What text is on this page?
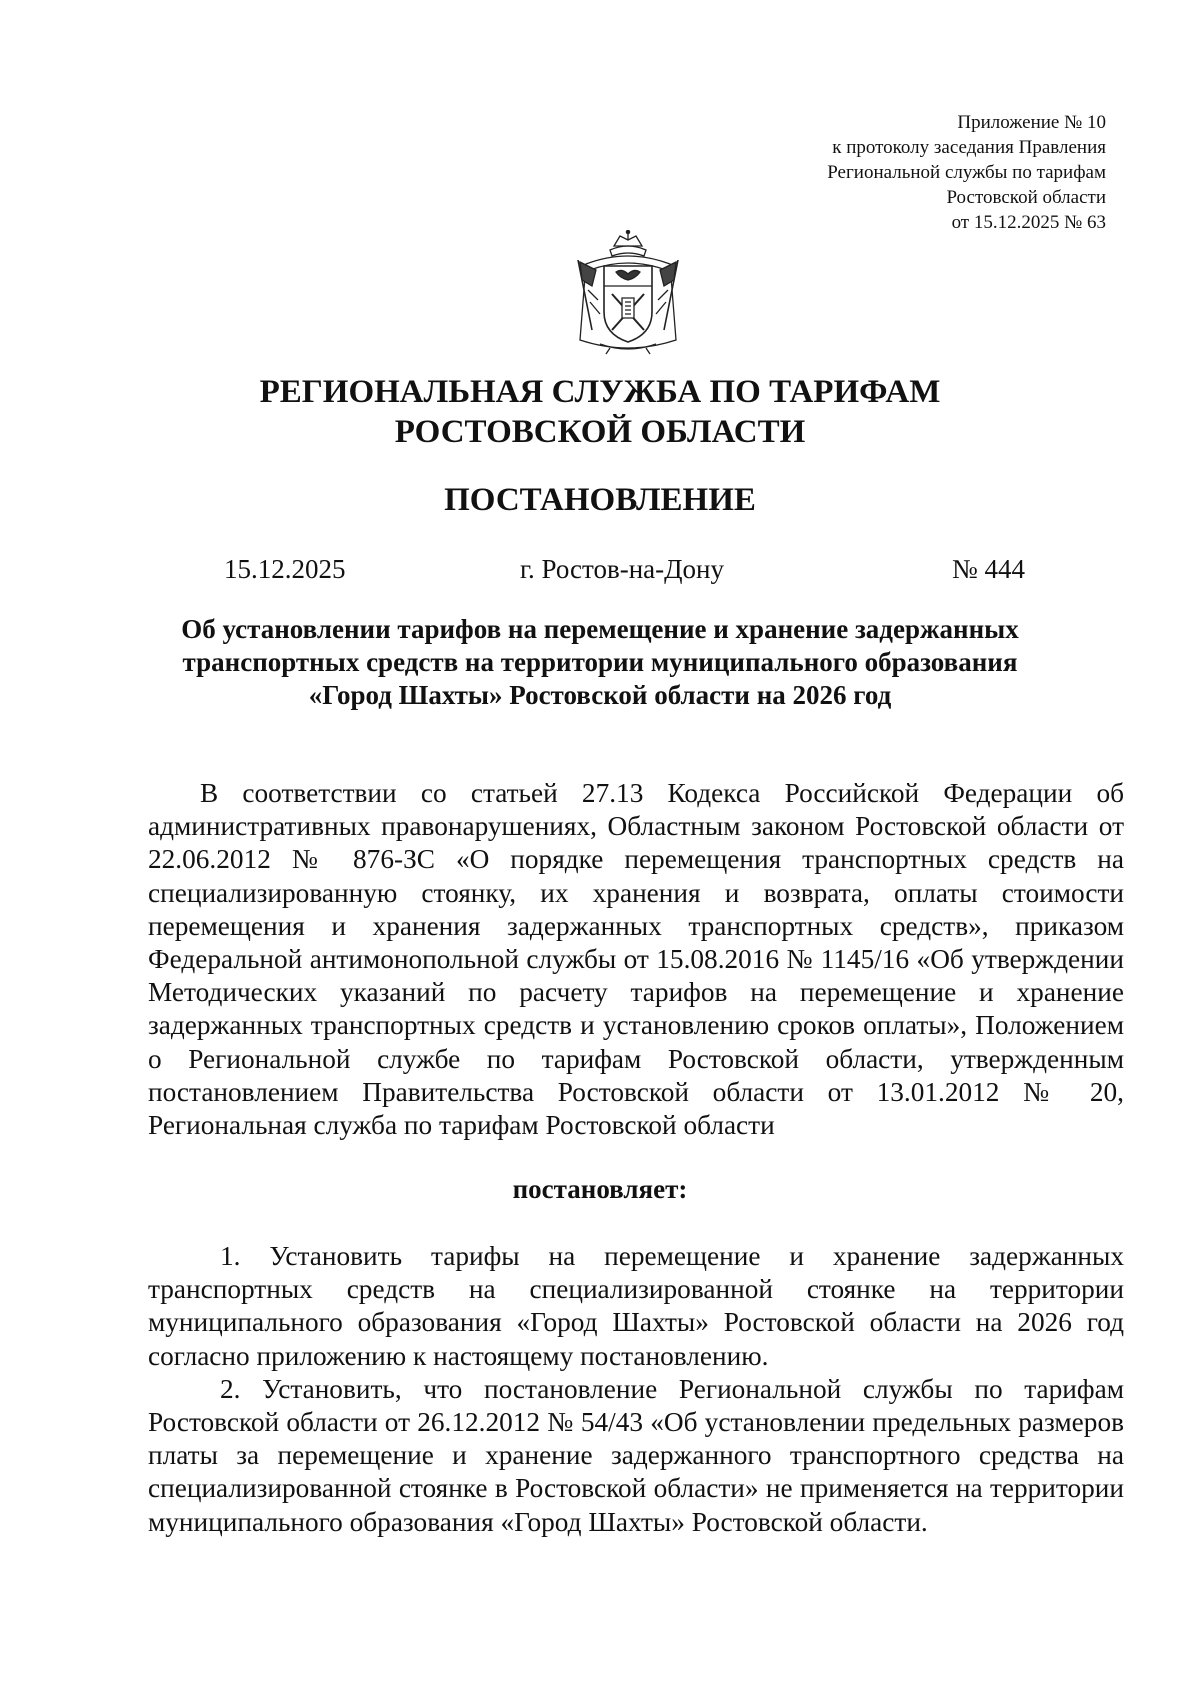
Приложение № 10
к протоколу заседания Правления
Региональной службы по тарифам
Ростовской области
от 15.12.2025 № 63
РЕГИОНАЛЬНАЯ СЛУЖБА ПО ТАРИФАМ
РОСТОВСКОЙ ОБЛАСТИ
ПОСТАНОВЛЕНИЕ
15.12.2025	г. Ростов-на-Дону	№ 444
Об установлении тарифов на перемещение и хранение задержанных
транспортных средств на территории муниципального образования
«Город Шахты» Ростовской области на 2026 год

В соответствии со статьей 27.13 Кодекса Российской Федерации об административных правонарушениях, Областным законом Ростовской области от 22.06.2012 № 876-ЗС «О порядке перемещения транспортных средств на специализированную стоянку, их хранения и возврата, оплаты стоимости перемещения и хранения задержанных транспортных средств», приказом Федеральной антимонопольной службы от 15.08.2016 № 1145/16 «Об утверждении Методических указаний по расчету тарифов на перемещение и хранение задержанных транспортных средств и установлению сроков оплаты», Положением о Региональной службе по тарифам Ростовской области, утвержденным постановлением Правительства Ростовской области от 13.01.2012 № 20, Региональная служба по тарифам Ростовской области

постановляет:

1. Установить тарифы на перемещение и хранение задержанных транспортных средств на специализированной стоянке на территории муниципального образования «Город Шахты» Ростовской области на 2026 год согласно приложению к настоящему постановлению.

2. Установить, что постановление Региональной службы по тарифам Ростовской области от 26.12.2012 № 54/43 «Об установлении предельных размеров платы за перемещение и хранение задержанного транспортного средства на специализированной стоянке в Ростовской области» не применяется на территории муниципального образования «Город Шахты» Ростовской области.
